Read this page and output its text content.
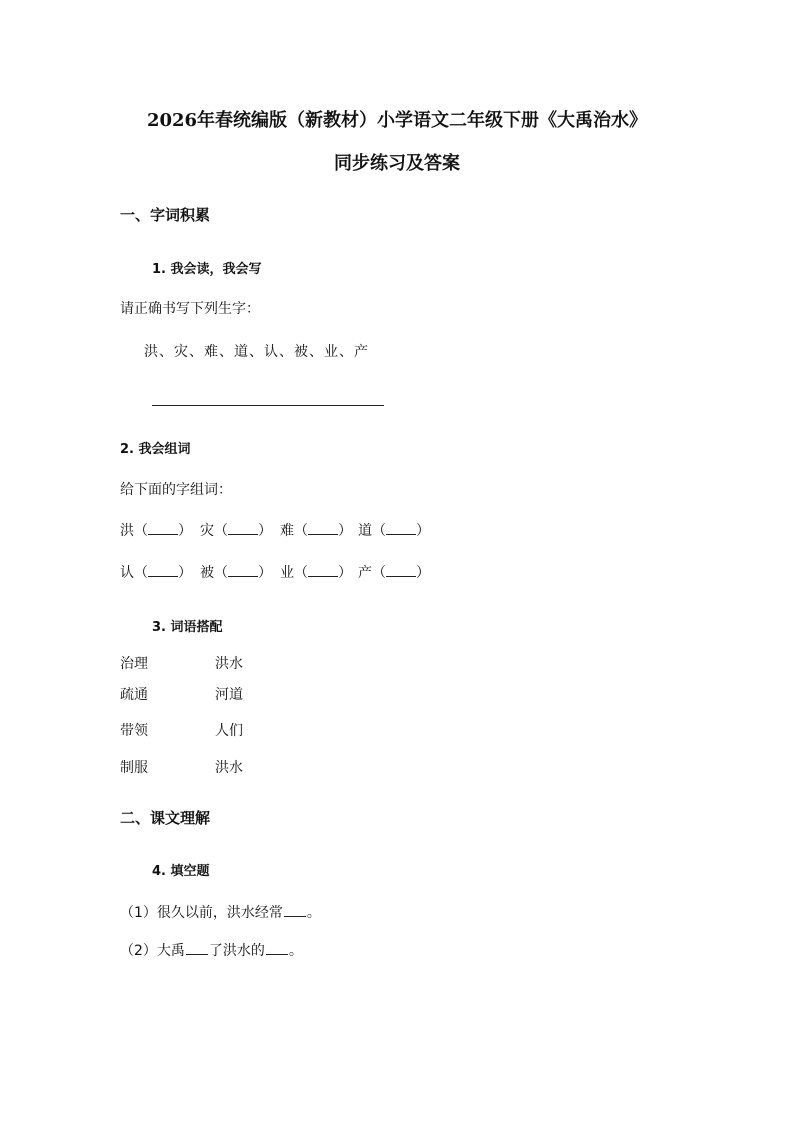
2026年春统编版（新教材）小学语文二年级下册《大禹治水》
同步练习及答案
一、字词积累
1. 我会读，我会写
请正确书写下列生字：
洪、灾、难、道、认、被、业、产
2. 我会组词
给下面的字组词：
洪（ ） 灾（ ） 难（ ） 道（ ）
认（ ） 被（ ） 业（ ） 产（ ）
3. 词语搭配
治理	洪水
疏通	河道
带领	人们
制服	洪水
二、课文理解
4. 填空题
（1）很久以前，洪水经常 。
（2）大禹 了洪水的 。
